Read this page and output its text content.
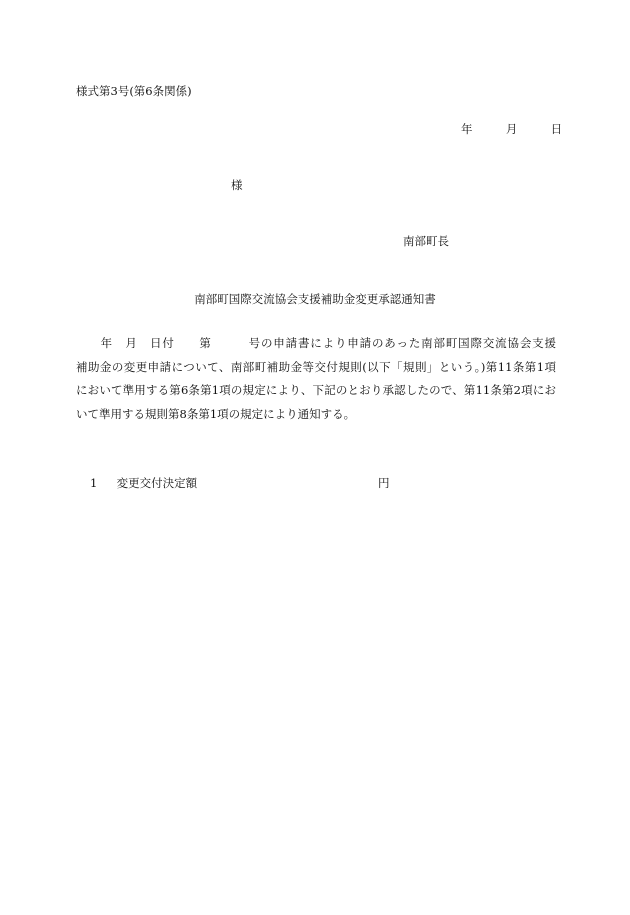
様式第3号(第6条関係)
年	月	日
様
南部町長
南部町国際交流協会支援補助金変更承認通知書
　　年　月　日付　　第　　　号の申請書により申請のあった南部町国際交流協会支援
補助金の変更申請について、南部町補助金等交付規則(以下「規則」という。)第11条第1項
において準用する第6条第1項の規定により、下記のとおり承認したので、第11条第2項にお
いて準用する規則第8条第1項の規定により通知する。
1 変更交付決定額	円
